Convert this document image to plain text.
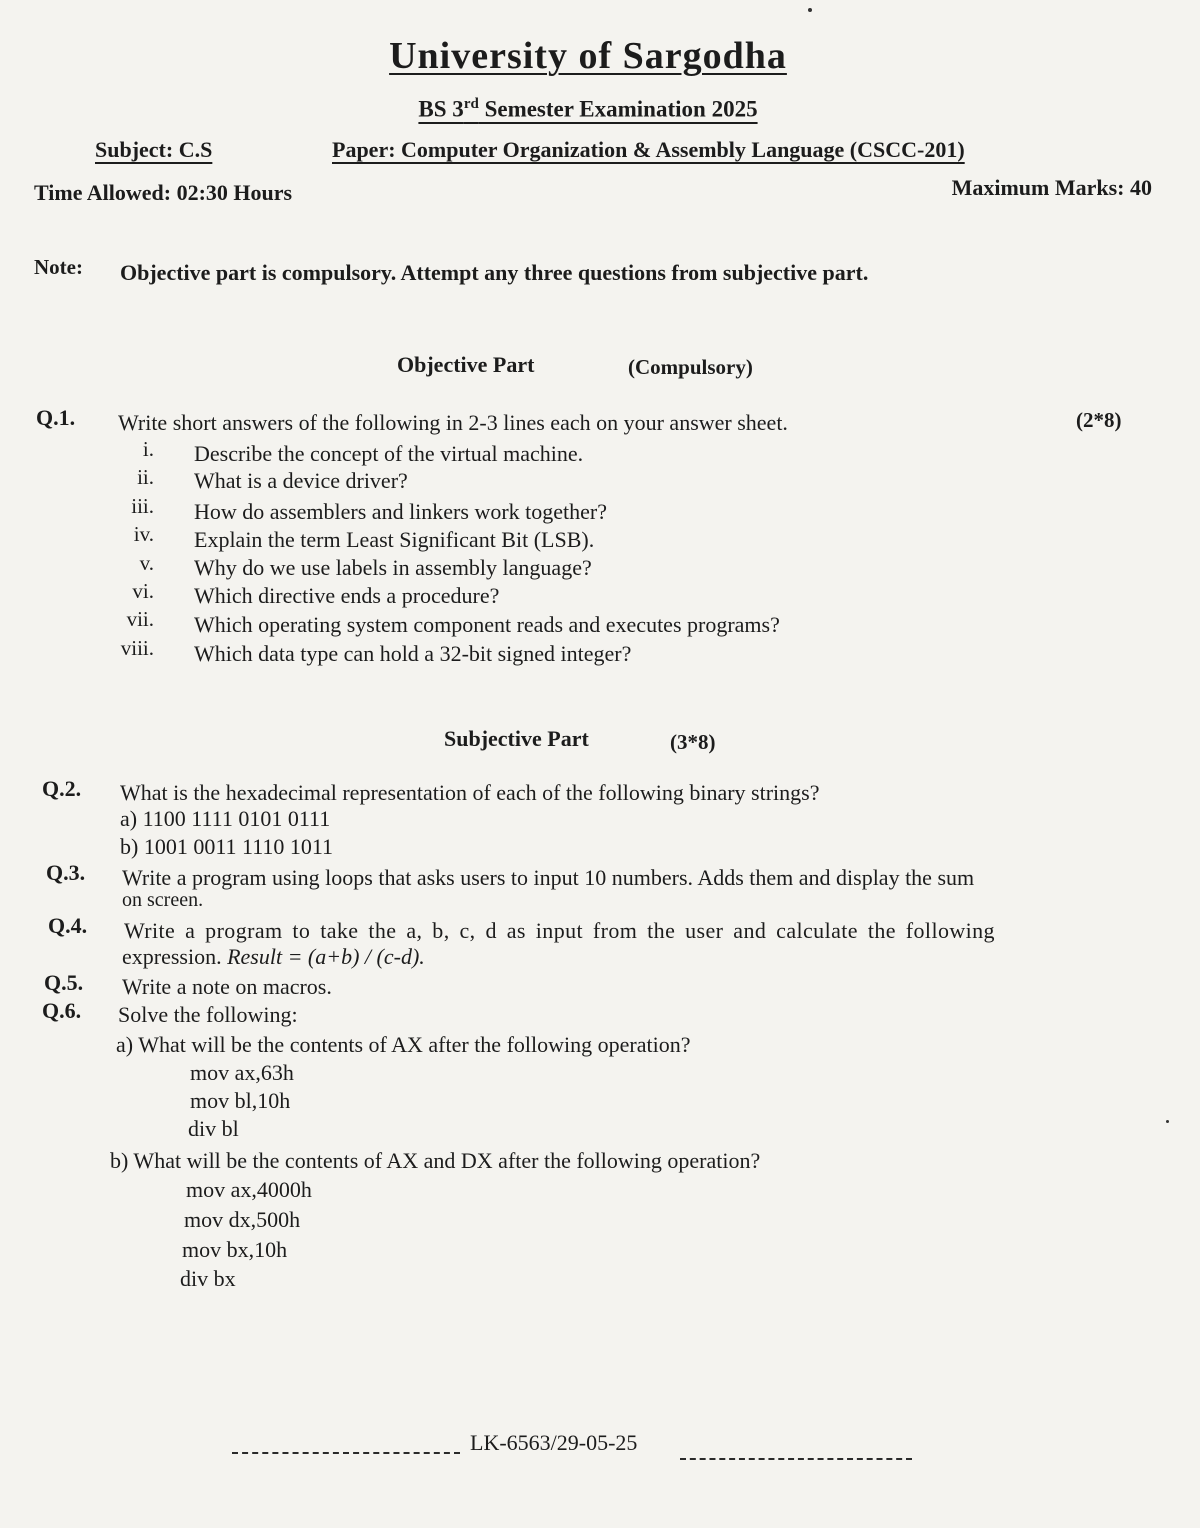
University of Sargodha
BS 3rd Semester Examination 2025
Subject: C.S	Paper: Computer Organization & Assembly Language (CSCC-201)
Time Allowed: 02:30 Hours	Maximum Marks: 40
Note: Objective part is compulsory. Attempt any three questions from subjective part.
Objective Part	(Compulsory)
Q.1. Write short answers of the following in 2-3 lines each on your answer sheet.	(2*8)
i. Describe the concept of the virtual machine.
ii. What is a device driver?
iii. How do assemblers and linkers work together?
iv. Explain the term Least Significant Bit (LSB).
v. Why do we use labels in assembly language?
vi. Which directive ends a procedure?
vii. Which operating system component reads and executes programs?
viii. Which data type can hold a 32-bit signed integer?
Subjective Part	(3*8)
Q.2. What is the hexadecimal representation of each of the following binary strings?
a) 1100 1111 0101 0111
b) 1001 0011 1110 1011
Q.3. Write a program using loops that asks users to input 10 numbers. Adds them and display the sum
on screen.
Q.4. Write a program to take the a, b, c, d as input from the user and calculate the following
expression. Result = (a+b) / (c-d).
Q.5. Write a note on macros.
Q.6. Solve the following:
a) What will be the contents of AX after the following operation?
mov ax,63h
mov bl,10h
div bl
b) What will be the contents of AX and DX after the following operation?
mov ax,4000h
mov dx,500h
mov bx,10h
div bx
LK-6563/29-05-25
